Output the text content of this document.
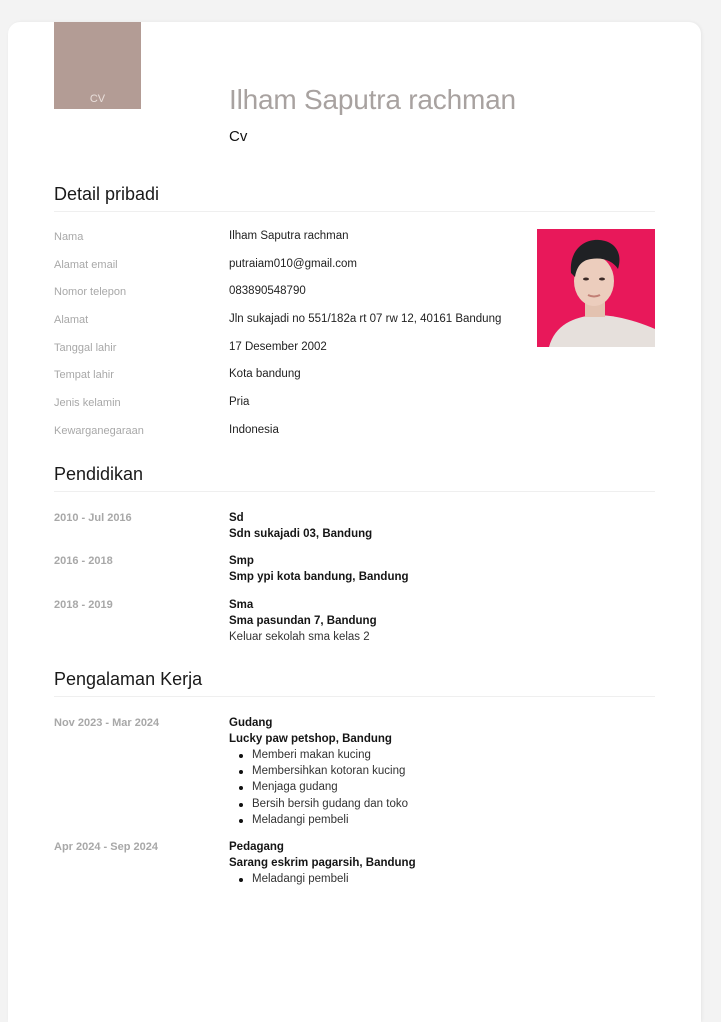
CV	Ilham Saputra rachman
Cv
Detail pribadi
Nama	Ilham Saputra rachman
Alamat email	putraiam010@gmail.com
Nomor telepon	083890548790
Alamat	Jln sukajadi no 551/182a rt 07 rw 12, 40161 Bandung
Tanggal lahir	17 Desember 2002
Tempat lahir	Kota bandung
Jenis kelamin	Pria
Kewarganegaraan	Indonesia
Pendidikan
2010 - Jul 2016	Sd
Sdn sukajadi 03, Bandung
2016 - 2018	Smp
Smp ypi kota bandung, Bandung
2018 - 2019	Sma
Sma pasundan 7, Bandung
Keluar sekolah sma kelas 2
Pengalaman Kerja
Nov 2023 - Mar 2024	Gudang
Lucky paw petshop, Bandung
Memberi makan kucing
Membersihkan kotoran kucing
Menjaga gudang
Bersih bersih gudang dan toko
Meladangi pembeli
Apr 2024 - Sep 2024	Pedagang
Sarang eskrim pagarsih, Bandung
Meladangi pembeli
